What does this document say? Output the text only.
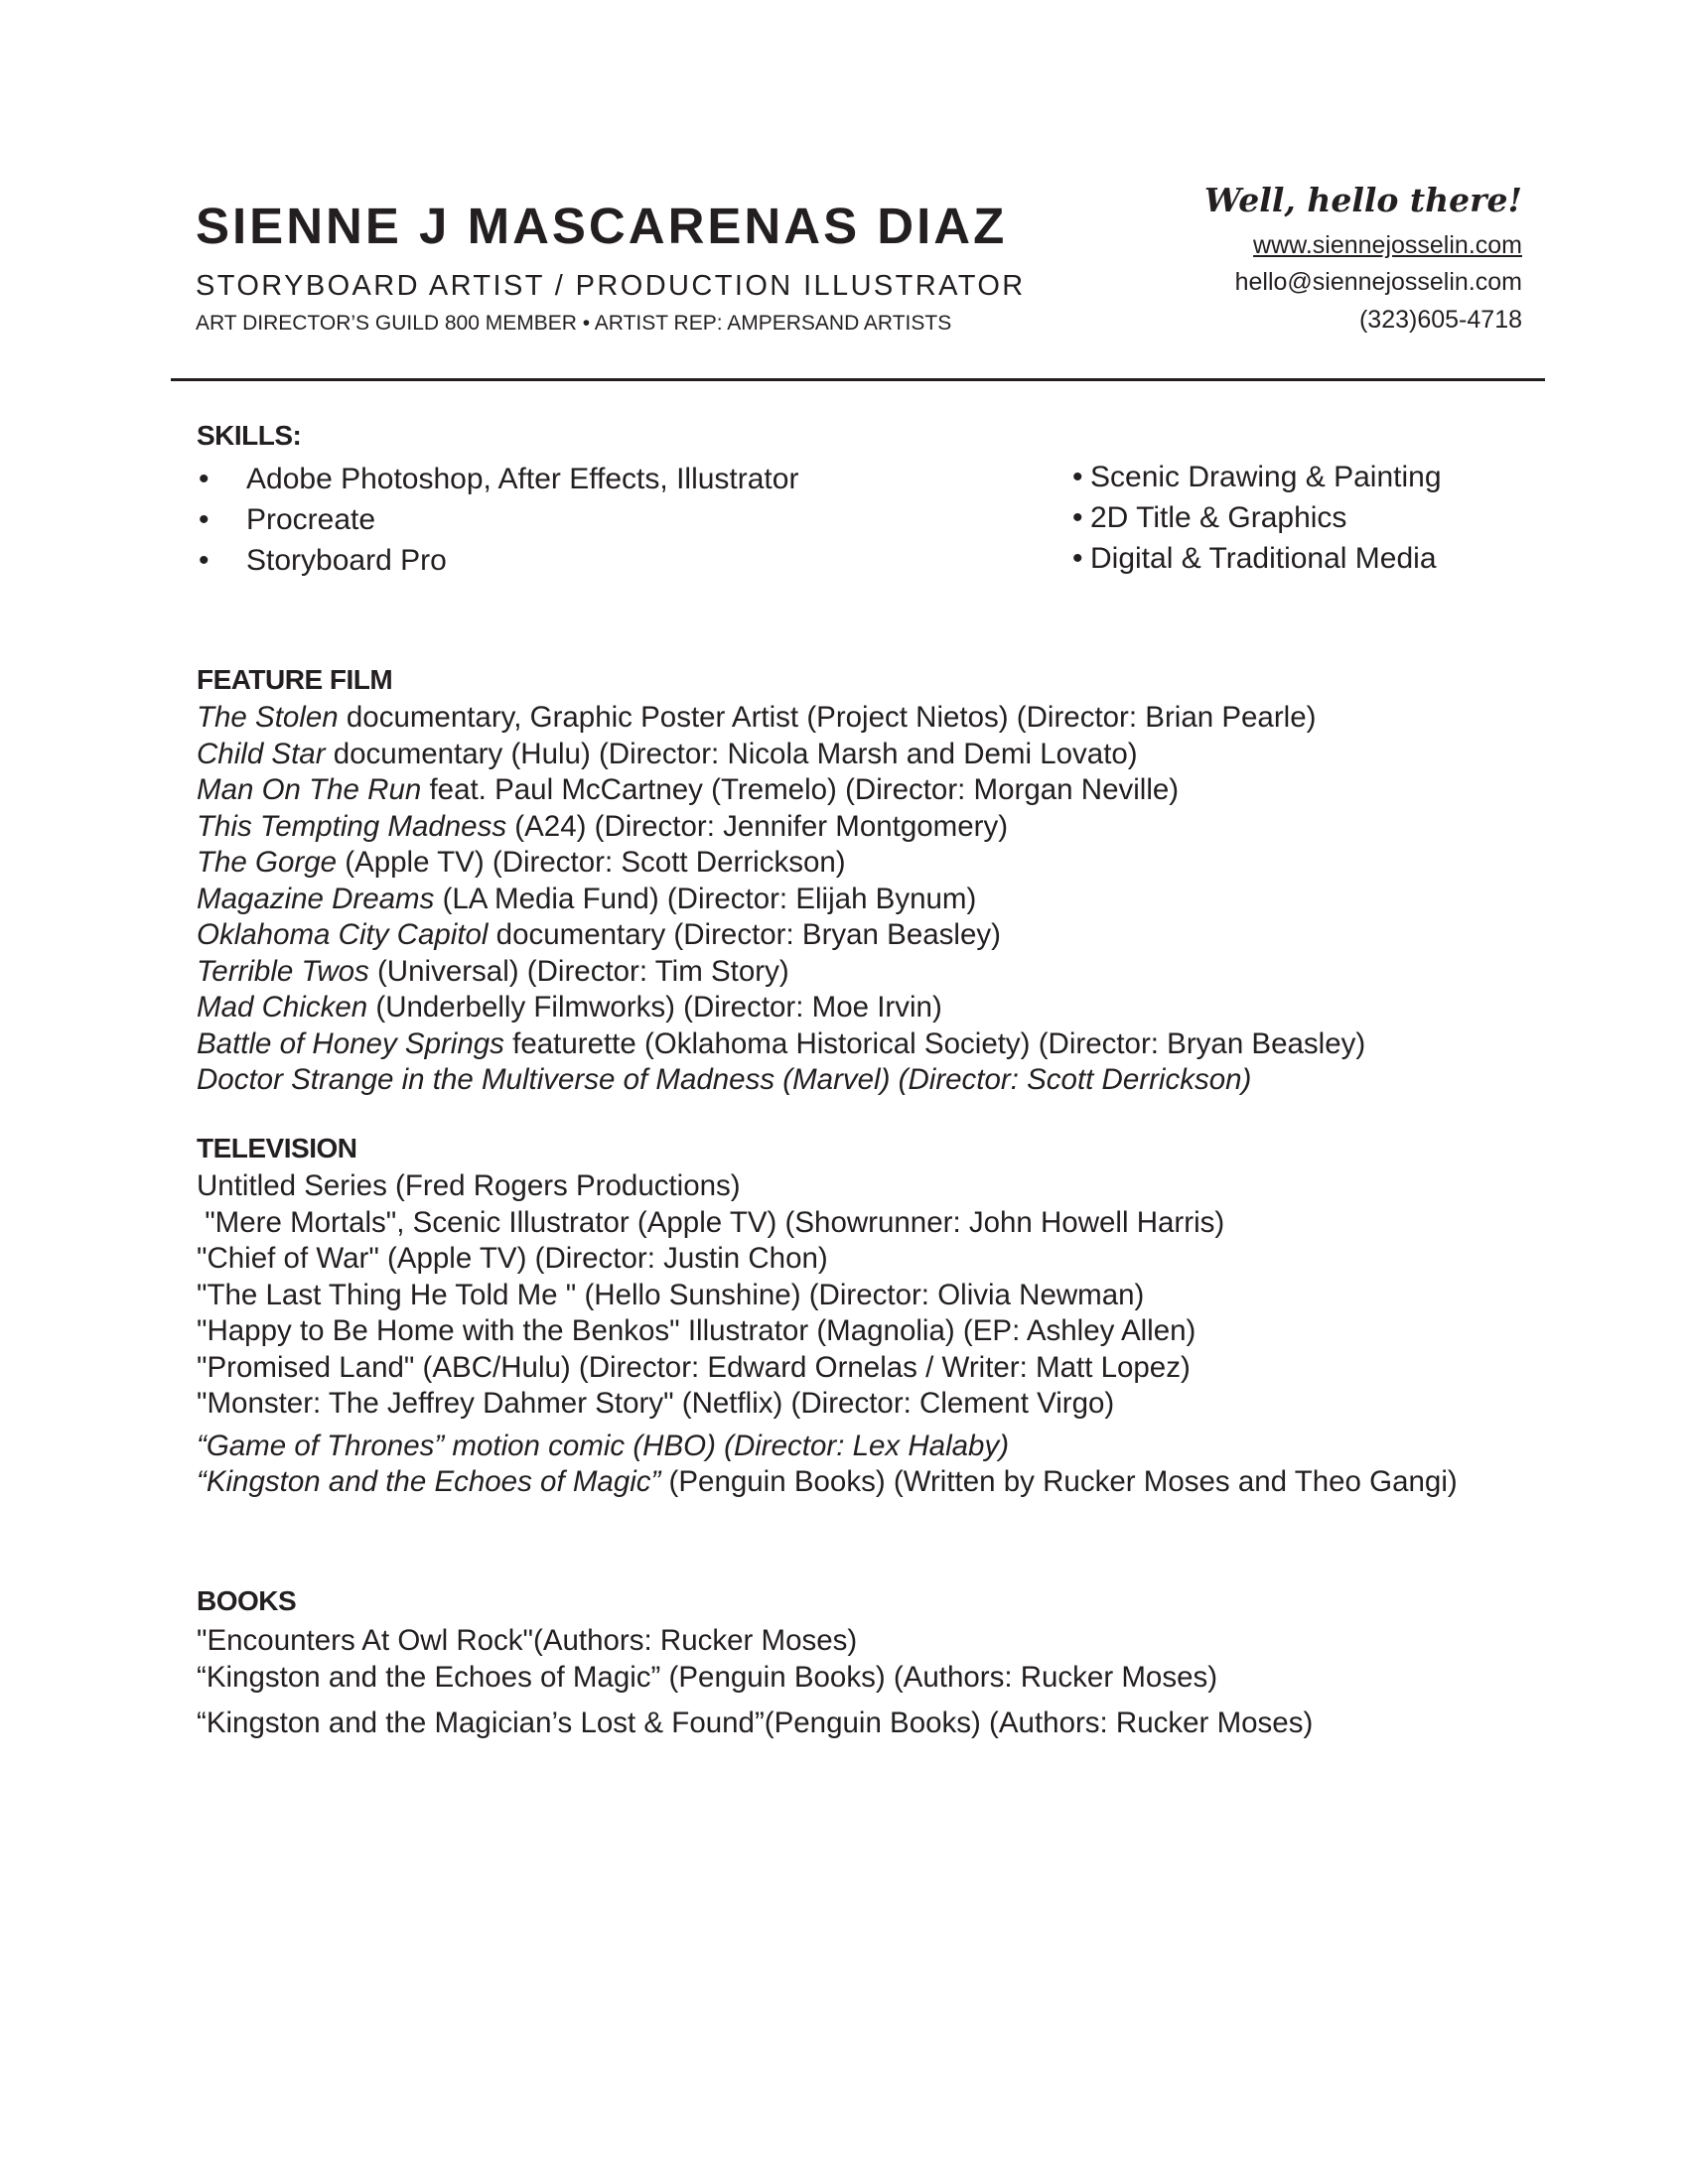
SIENNE J MASCARENAS DIAZ
STORYBOARD ARTIST / PRODUCTION ILLUSTRATOR
ART DIRECTOR’S GUILD 800 MEMBER • ARTIST REP: AMPERSAND ARTISTS
Well, hello there!
www.siennejosselin.com
hello@siennejosselin.com
(323)605-4718
SKILLS:
• Adobe Photoshop, After Effects, Illustrator
• Procreate
• Storyboard Pro
• Scenic Drawing & Painting
• 2D Title & Graphics
• Digital & Traditional Media
FEATURE FILM
The Stolen documentary, Graphic Poster Artist (Project Nietos) (Director: Brian Pearle)
Child Star documentary (Hulu) (Director: Nicola Marsh and Demi Lovato)
Man On The Run feat. Paul McCartney (Tremelo) (Director: Morgan Neville)
This Tempting Madness (A24) (Director: Jennifer Montgomery)
The Gorge (Apple TV) (Director: Scott Derrickson)
Magazine Dreams (LA Media Fund) (Director: Elijah Bynum)
Oklahoma City Capitol documentary (Director: Bryan Beasley)
Terrible Twos (Universal) (Director: Tim Story)
Mad Chicken (Underbelly Filmworks) (Director: Moe Irvin)
Battle of Honey Springs featurette (Oklahoma Historical Society) (Director: Bryan Beasley)
Doctor Strange in the Multiverse of Madness (Marvel) (Director: Scott Derrickson)
TELEVISION
Untitled Series (Fred Rogers Productions)
"Mere Mortals", Scenic Illustrator (Apple TV) (Showrunner: John Howell Harris)
"Chief of War" (Apple TV) (Director: Justin Chon)
"The Last Thing He Told Me " (Hello Sunshine) (Director: Olivia Newman)
"Happy to Be Home with the Benkos" Illustrator (Magnolia) (EP: Ashley Allen)
"Promised Land" (ABC/Hulu) (Director: Edward Ornelas / Writer: Matt Lopez)
"Monster: The Jeffrey Dahmer Story" (Netflix) (Director: Clement Virgo)
“Game of Thrones” motion comic (HBO) (Director: Lex Halaby)
“Kingston and the Echoes of Magic” (Penguin Books) (Written by Rucker Moses and Theo Gangi)
BOOKS
"Encounters At Owl Rock"(Authors: Rucker Moses)
“Kingston and the Echoes of Magic” (Penguin Books) (Authors: Rucker Moses)
“Kingston and the Magician’s Lost & Found”(Penguin Books) (Authors: Rucker Moses)
